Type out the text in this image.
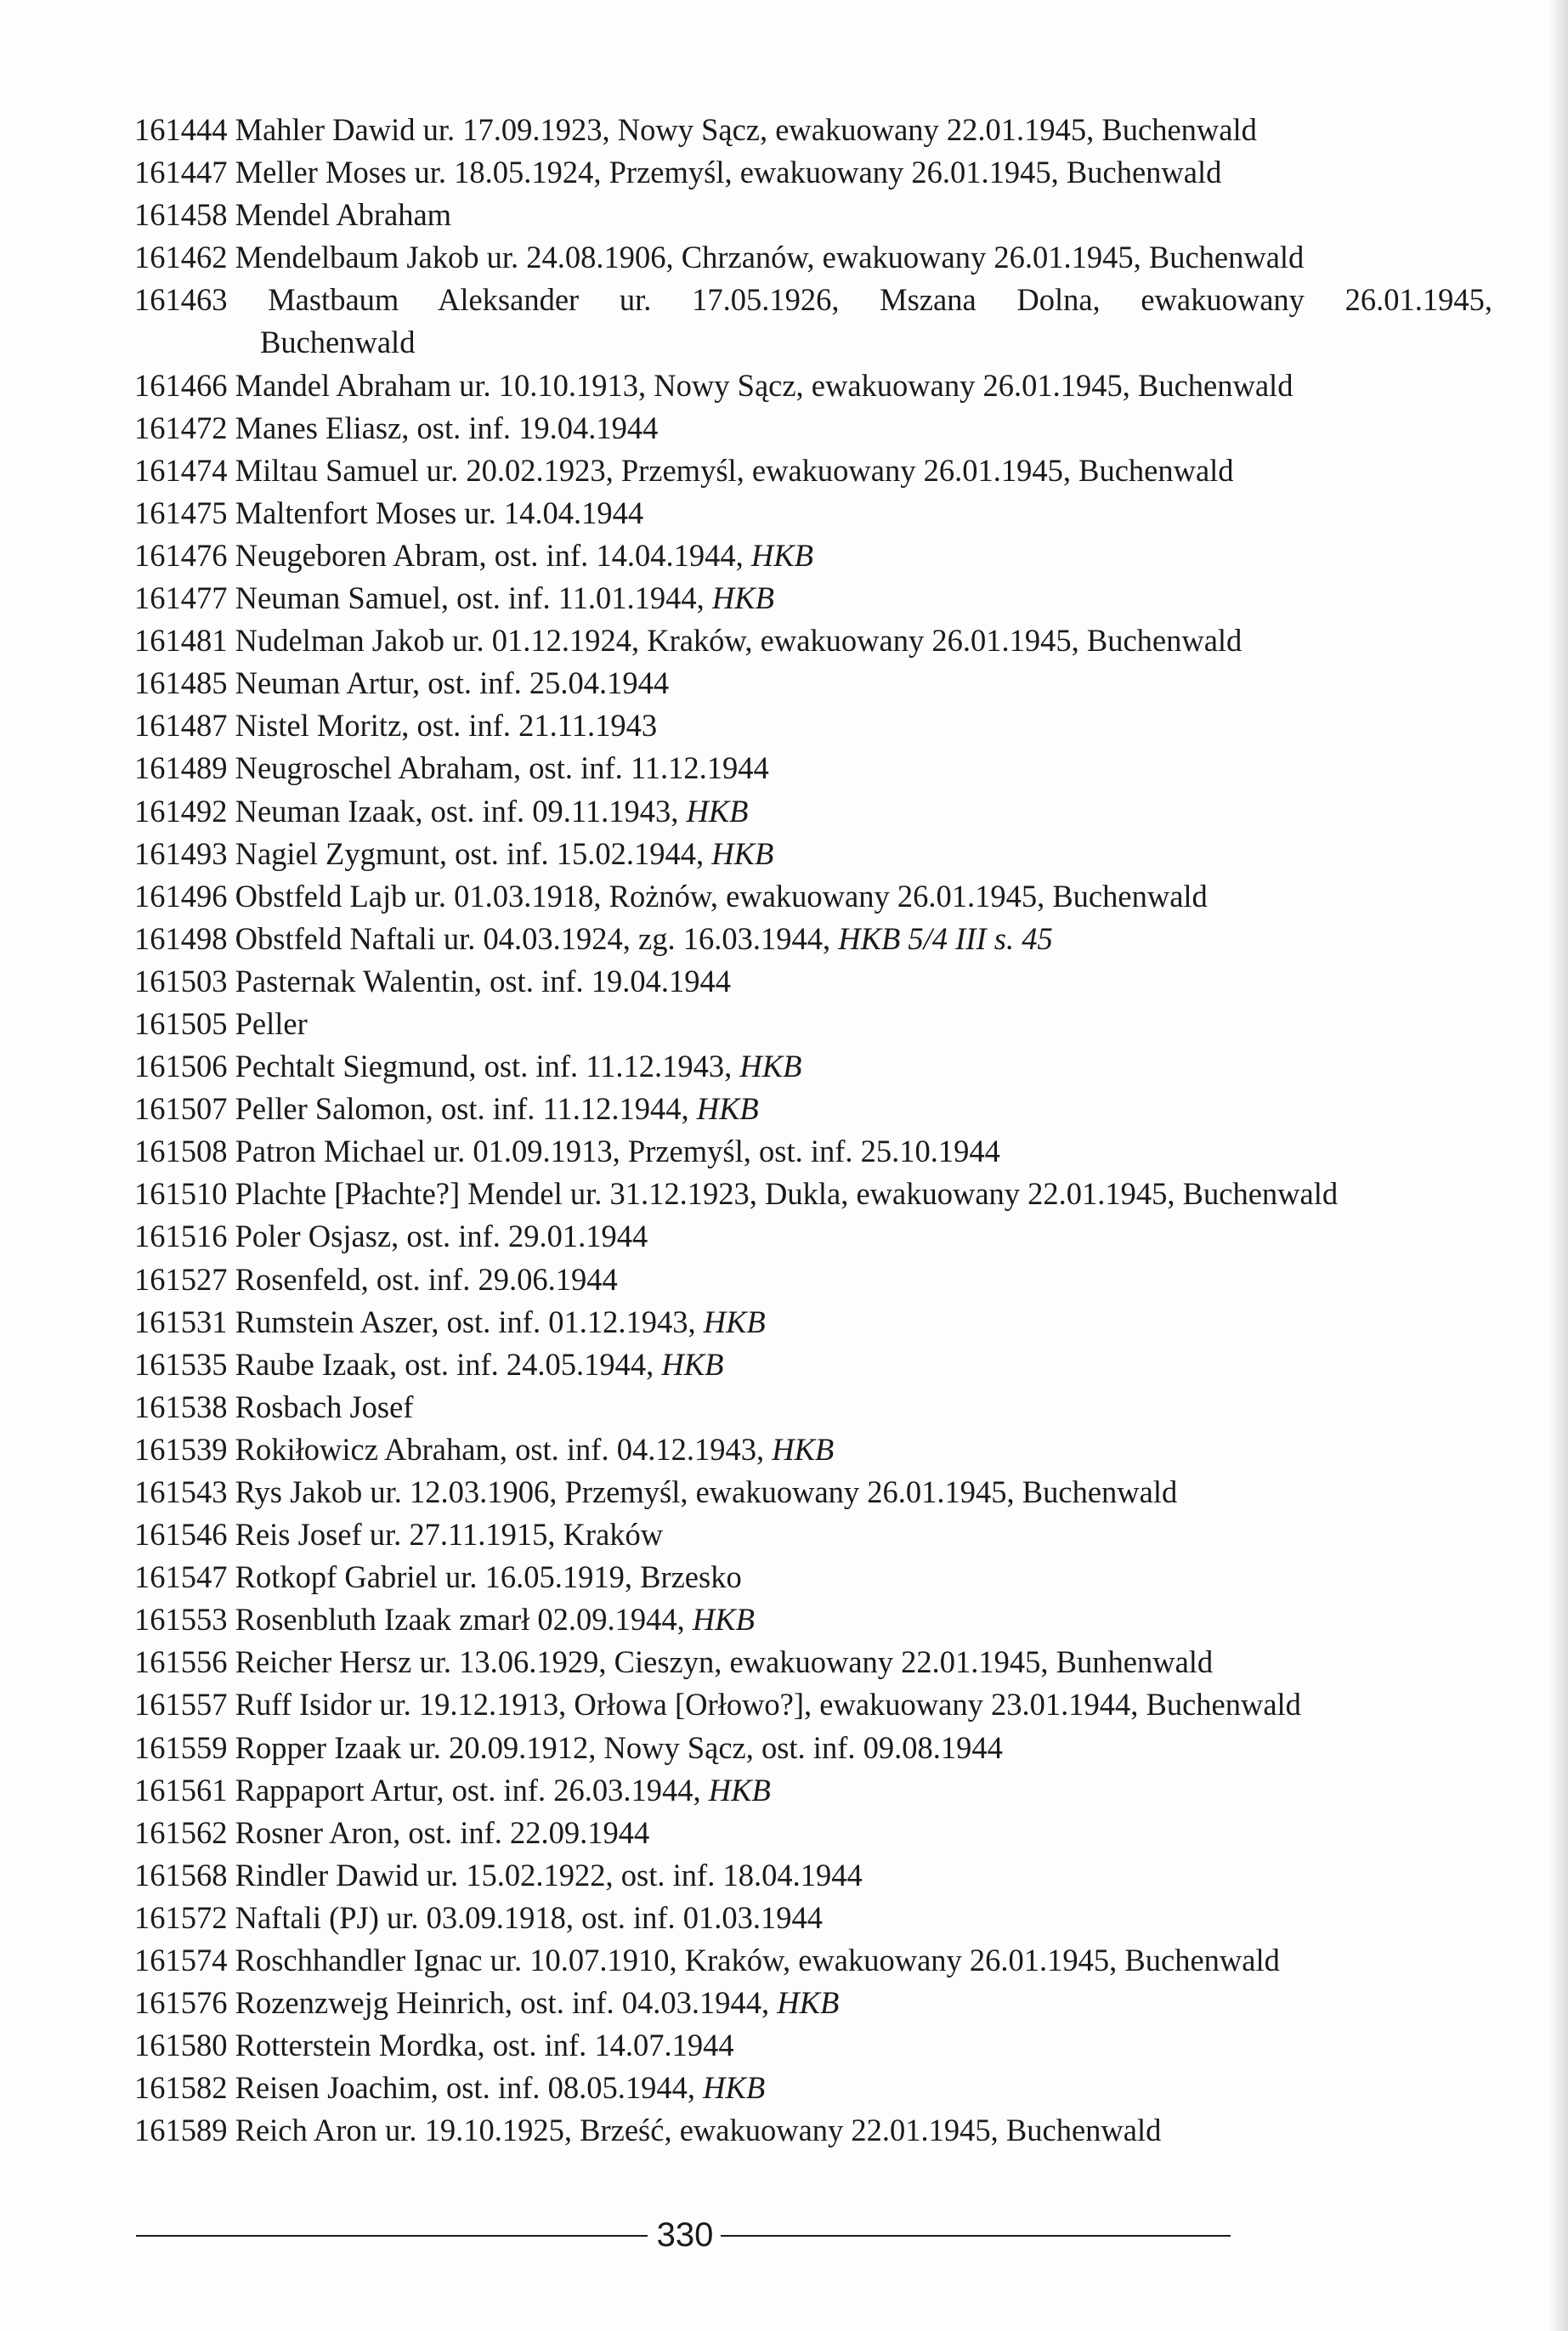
161444 Mahler Dawid ur. 17.09.1923, Nowy Sącz, ewakuowany 22.01.1945, Buchenwald
161447 Meller Moses ur. 18.05.1924, Przemyśl, ewakuowany 26.01.1945, Buchenwald
161458 Mendel Abraham
161462 Mendelbaum Jakob ur. 24.08.1906, Chrzanów, ewakuowany 26.01.1945, Buchenwald
161463 Mastbaum Aleksander ur. 17.05.1926, Mszana Dolna, ewakuowany 26.01.1945,
Buchenwald
161466 Mandel Abraham ur. 10.10.1913, Nowy Sącz, ewakuowany 26.01.1945, Buchenwald
161472 Manes Eliasz, ost. inf. 19.04.1944
161474 Miltau Samuel ur. 20.02.1923, Przemyśl, ewakuowany 26.01.1945, Buchenwald
161475 Maltenfort Moses ur. 14.04.1944
161476 Neugeboren Abram, ost. inf. 14.04.1944, HKB
161477 Neuman Samuel, ost. inf. 11.01.1944, HKB
161481 Nudelman Jakob ur. 01.12.1924, Kraków, ewakuowany 26.01.1945, Buchenwald
161485 Neuman Artur, ost. inf. 25.04.1944
161487 Nistel Moritz, ost. inf. 21.11.1943
161489 Neugroschel Abraham, ost. inf. 11.12.1944
161492 Neuman Izaak, ost. inf. 09.11.1943, HKB
161493 Nagiel Zygmunt, ost. inf. 15.02.1944, HKB
161496 Obstfeld Lajb ur. 01.03.1918, Rożnów, ewakuowany 26.01.1945, Buchenwald
161498 Obstfeld Naftali ur. 04.03.1924, zg. 16.03.1944, HKB 5/4 III s. 45
161503 Pasternak Walentin, ost. inf. 19.04.1944
161505 Peller
161506 Pechtalt Siegmund, ost. inf. 11.12.1943, HKB
161507 Peller Salomon, ost. inf. 11.12.1944, HKB
161508 Patron Michael ur. 01.09.1913, Przemyśl, ost. inf. 25.10.1944
161510 Plachte [Płachte?] Mendel ur. 31.12.1923, Dukla, ewakuowany 22.01.1945, Buchenwald
161516 Poler Osjasz, ost. inf. 29.01.1944
161527 Rosenfeld, ost. inf. 29.06.1944
161531 Rumstein Aszer, ost. inf. 01.12.1943, HKB
161535 Raube Izaak, ost. inf. 24.05.1944, HKB
161538 Rosbach Josef
161539 Rokiłowicz Abraham, ost. inf. 04.12.1943, HKB
161543 Rys Jakob ur. 12.03.1906, Przemyśl, ewakuowany 26.01.1945, Buchenwald
161546 Reis Josef ur. 27.11.1915, Kraków
161547 Rotkopf Gabriel ur. 16.05.1919, Brzesko
161553 Rosenbluth Izaak zmarł 02.09.1944, HKB
161556 Reicher Hersz ur. 13.06.1929, Cieszyn, ewakuowany 22.01.1945, Bunhenwald
161557 Ruff Isidor ur. 19.12.1913, Orłowa [Orłowo?], ewakuowany 23.01.1944, Buchenwald
161559 Ropper Izaak ur. 20.09.1912, Nowy Sącz, ost. inf. 09.08.1944
161561 Rappaport Artur, ost. inf. 26.03.1944, HKB
161562 Rosner Aron, ost. inf. 22.09.1944
161568 Rindler Dawid ur. 15.02.1922, ost. inf. 18.04.1944
161572 Naftali (PJ) ur. 03.09.1918, ost. inf. 01.03.1944
161574 Roschhandler Ignac ur. 10.07.1910, Kraków, ewakuowany 26.01.1945, Buchenwald
161576 Rozenzwejg Heinrich, ost. inf. 04.03.1944, HKB
161580 Rotterstein Mordka, ost. inf. 14.07.1944
161582 Reisen Joachim, ost. inf. 08.05.1944, HKB
161589 Reich Aron ur. 19.10.1925, Brześć, ewakuowany 22.01.1945, Buchenwald
330
